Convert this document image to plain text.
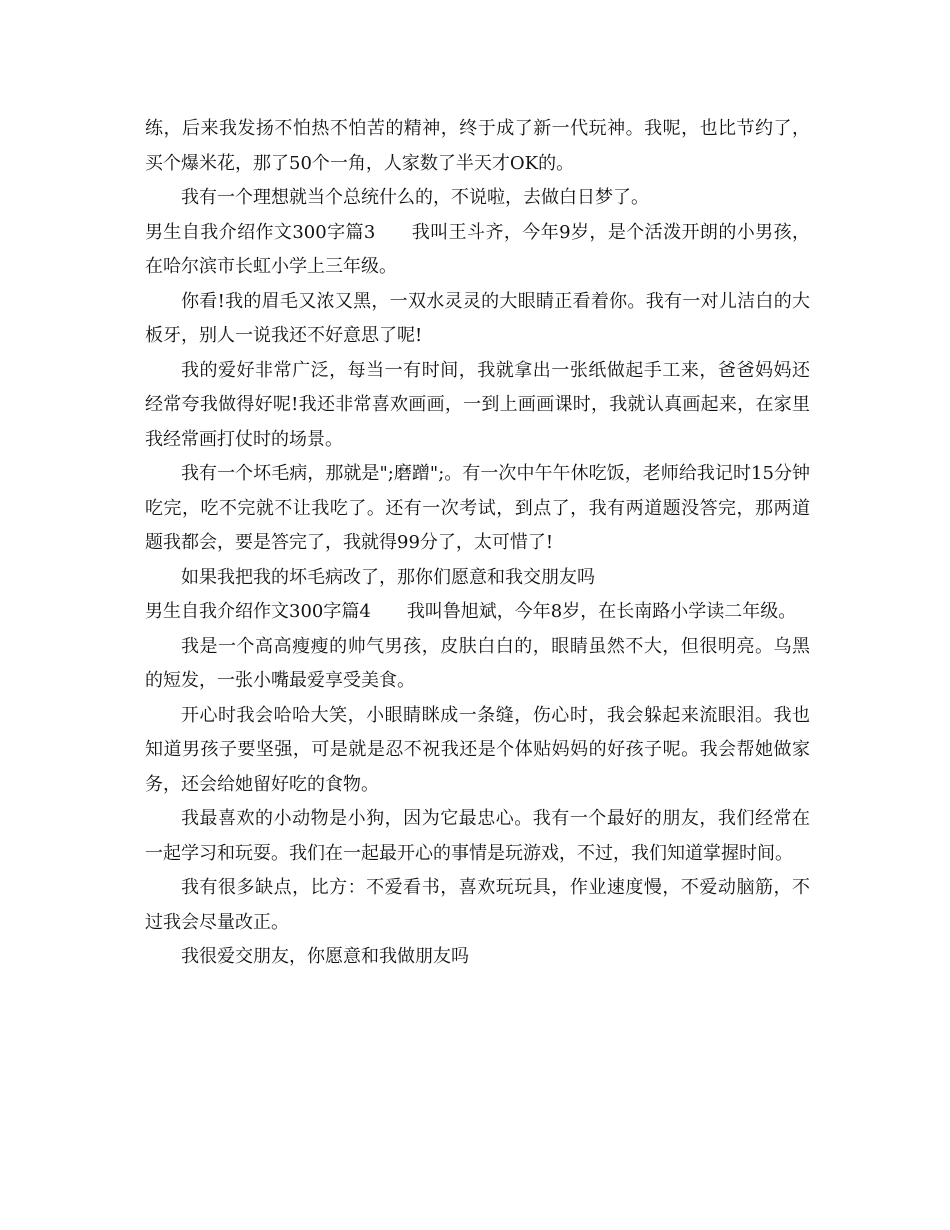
练，后来我发扬不怕热不怕苦的精神，终于成了新一代玩神。我呢，也比节约了，买个爆米花，那了50个一角，人家数了半天才OK的。

我有一个理想就当个总统什么的，不说啦，去做白日梦了。

男生自我介绍作文300字篇3 我叫王斗齐，今年9岁，是个活泼开朗的小男孩，在哈尔滨市长虹小学上三年级。

你看!我的眉毛又浓又黑，一双水灵灵的大眼睛正看着你。我有一对儿洁白的大板牙，别人一说我还不好意思了呢!

我的爱好非常广泛，每当一有时间，我就拿出一张纸做起手工来，爸爸妈妈还经常夸我做得好呢!我还非常喜欢画画，一到上画画课时，我就认真画起来，在家里我经常画打仗时的场景。

我有一个坏毛病，那就是";磨蹭";。有一次中午午休吃饭，老师给我记时15分钟吃完，吃不完就不让我吃了。还有一次考试，到点了，我有两道题没答完，那两道题我都会，要是答完了，我就得99分了，太可惜了!

如果我把我的坏毛病改了，那你们愿意和我交朋友吗

男生自我介绍作文300字篇4 我叫鲁旭斌，今年8岁，在长南路小学读二年级。

我是一个高高瘦瘦的帅气男孩，皮肤白白的，眼睛虽然不大，但很明亮。乌黑的短发，一张小嘴最爱享受美食。

开心时我会哈哈大笑，小眼睛眯成一条缝，伤心时，我会躲起来流眼泪。我也知道男孩子要坚强，可是就是忍不祝我还是个体贴妈妈的好孩子呢。我会帮她做家务，还会给她留好吃的食物。

我最喜欢的小动物是小狗，因为它最忠心。我有一个最好的朋友，我们经常在一起学习和玩耍。我们在一起最开心的事情是玩游戏，不过，我们知道掌握时间。

我有很多缺点，比方：不爱看书，喜欢玩玩具，作业速度慢，不爱动脑筋，不过我会尽量改正。

我很爱交朋友，你愿意和我做朋友吗
